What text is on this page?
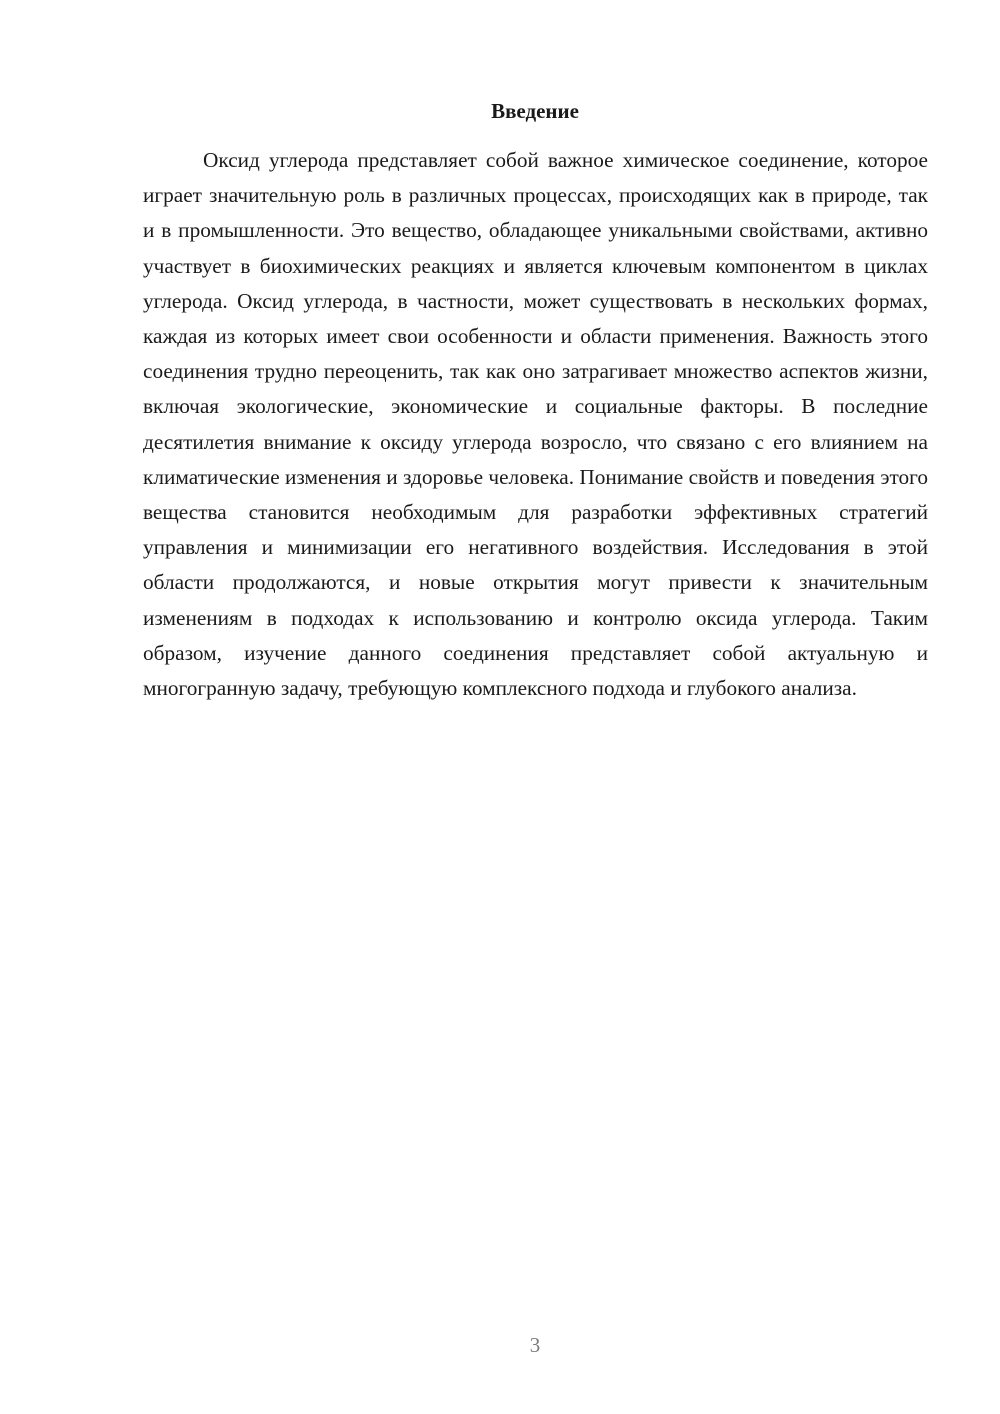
Введение

Оксид углерода представляет собой важное химическое соединение, которое играет значительную роль в различных процессах, происходящих как в природе, так и в промышленности. Это вещество, обладающее уникальными свойствами, активно участвует в биохимических реакциях и является ключевым компонентом в циклах углерода. Оксид углерода, в частности, может существовать в нескольких формах, каждая из которых имеет свои особенности и области применения. Важность этого соединения трудно переоценить, так как оно затрагивает множество аспектов жизни, включая экологические, экономические и социальные факторы. В последние десятилетия внимание к оксиду углерода возросло, что связано с его влиянием на климатические изменения и здоровье человека. Понимание свойств и поведения этого вещества становится необходимым для разработки эффективных стратегий управления и минимизации его негативного воздействия. Исследования в этой области продолжаются, и новые открытия могут привести к значительным изменениям в подходах к использованию и контролю оксида углерода. Таким образом, изучение данного соединения представляет собой актуальную и многогранную задачу, требующую комплексного подхода и глубокого анализа.

3
